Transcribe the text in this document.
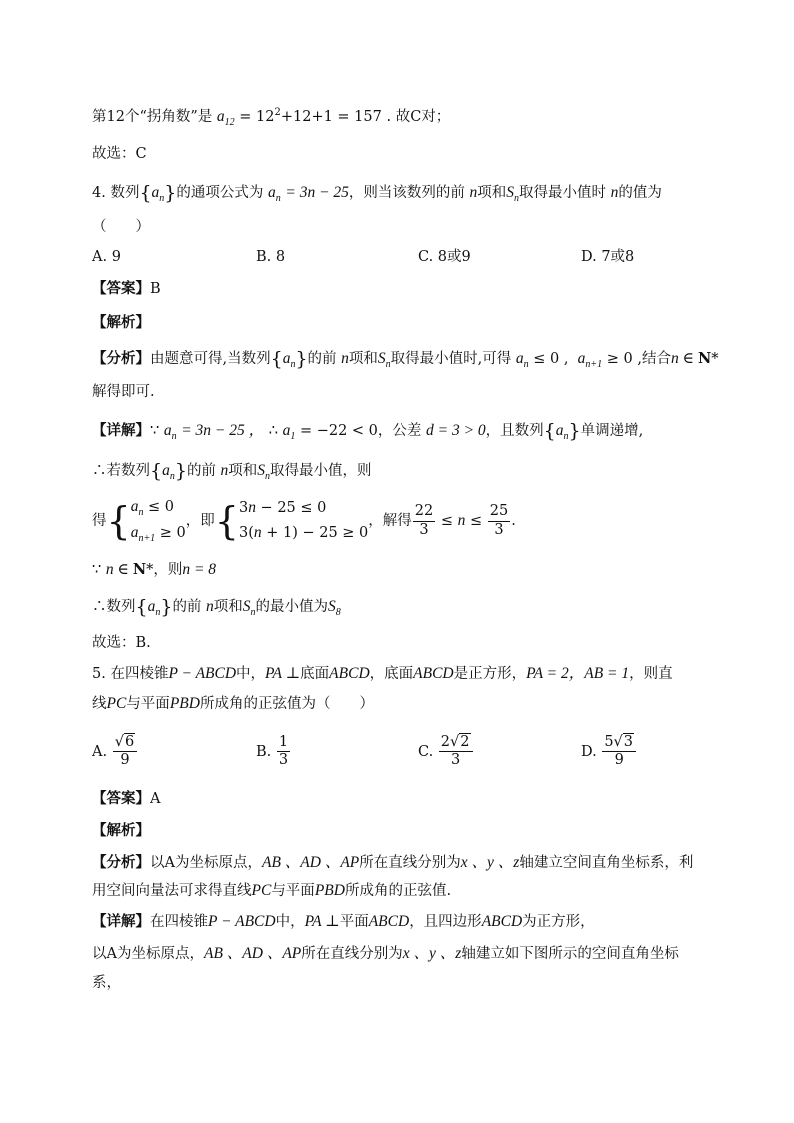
第12个“拐角数”是 $a_{12} = 12^2+12+1 = 157$ . 故C对；
故选：C
4. 数列$\{a_n\}$的通项公式为 $a_n = 3n - 25$，则当该数列的前 n项和$S_n$取得最小值时 n的值为
（　　）
A. 9	B. 8	C. 8或9	D. 7或8
【答案】B
【解析】
【分析】由题意可得,当数列$\{a_n\}$的前 n项和$S_n$取得最小值时,可得 $a_n \le 0$ ,  $a_{n+1} \ge 0$ ,结合n ∈ N*
解得即可.
【详解】∵ $a_n = 3n - 25$ ， ∴ $a_1 = -22 < 0$，公差 d = 3 > 0，且数列$\{a_n\}$单调递增,
∴若数列$\{a_n\}$的前 n项和$S_n$取得最小值，则
得{$a_n \le 0$
$a_{n+1} \ge 0$，即{3n − 25 ≤ 0
3(n + 1) − 25 ≥ 0，解得 $\frac{22}{3} \le n \le \frac{25}{3}$ .
∵ n ∈ N*，则n = 8
∴数列$\{a_n\}$的前 n项和$S_n$的最小值为$S_8$
故选：B.
5. 在四棱锥P − ABCD中，PA ⊥底面ABCD，底面ABCD是正方形，PA = 2，AB = 1，则直
线PC与平面PBD所成角的正弦值为（　　）
A. $\frac{√6}{9}$	B. $\frac{1}{3}$	C. $\frac{2√2}{3}$	D. $\frac{5√3}{9}$
【答案】A
【解析】
【分析】以A为坐标原点，AB 、AD 、AP所在直线分别为x 、y 、z轴建立空间直角坐标系，利
用空间向量法可求得直线PC与平面PBD所成角的正弦值.
【详解】在四棱锥P − ABCD中，PA ⊥平面ABCD，且四边形ABCD为正方形，
以A为坐标原点，AB 、AD 、AP所在直线分别为x 、y 、z轴建立如下图所示的空间直角坐标
系，
